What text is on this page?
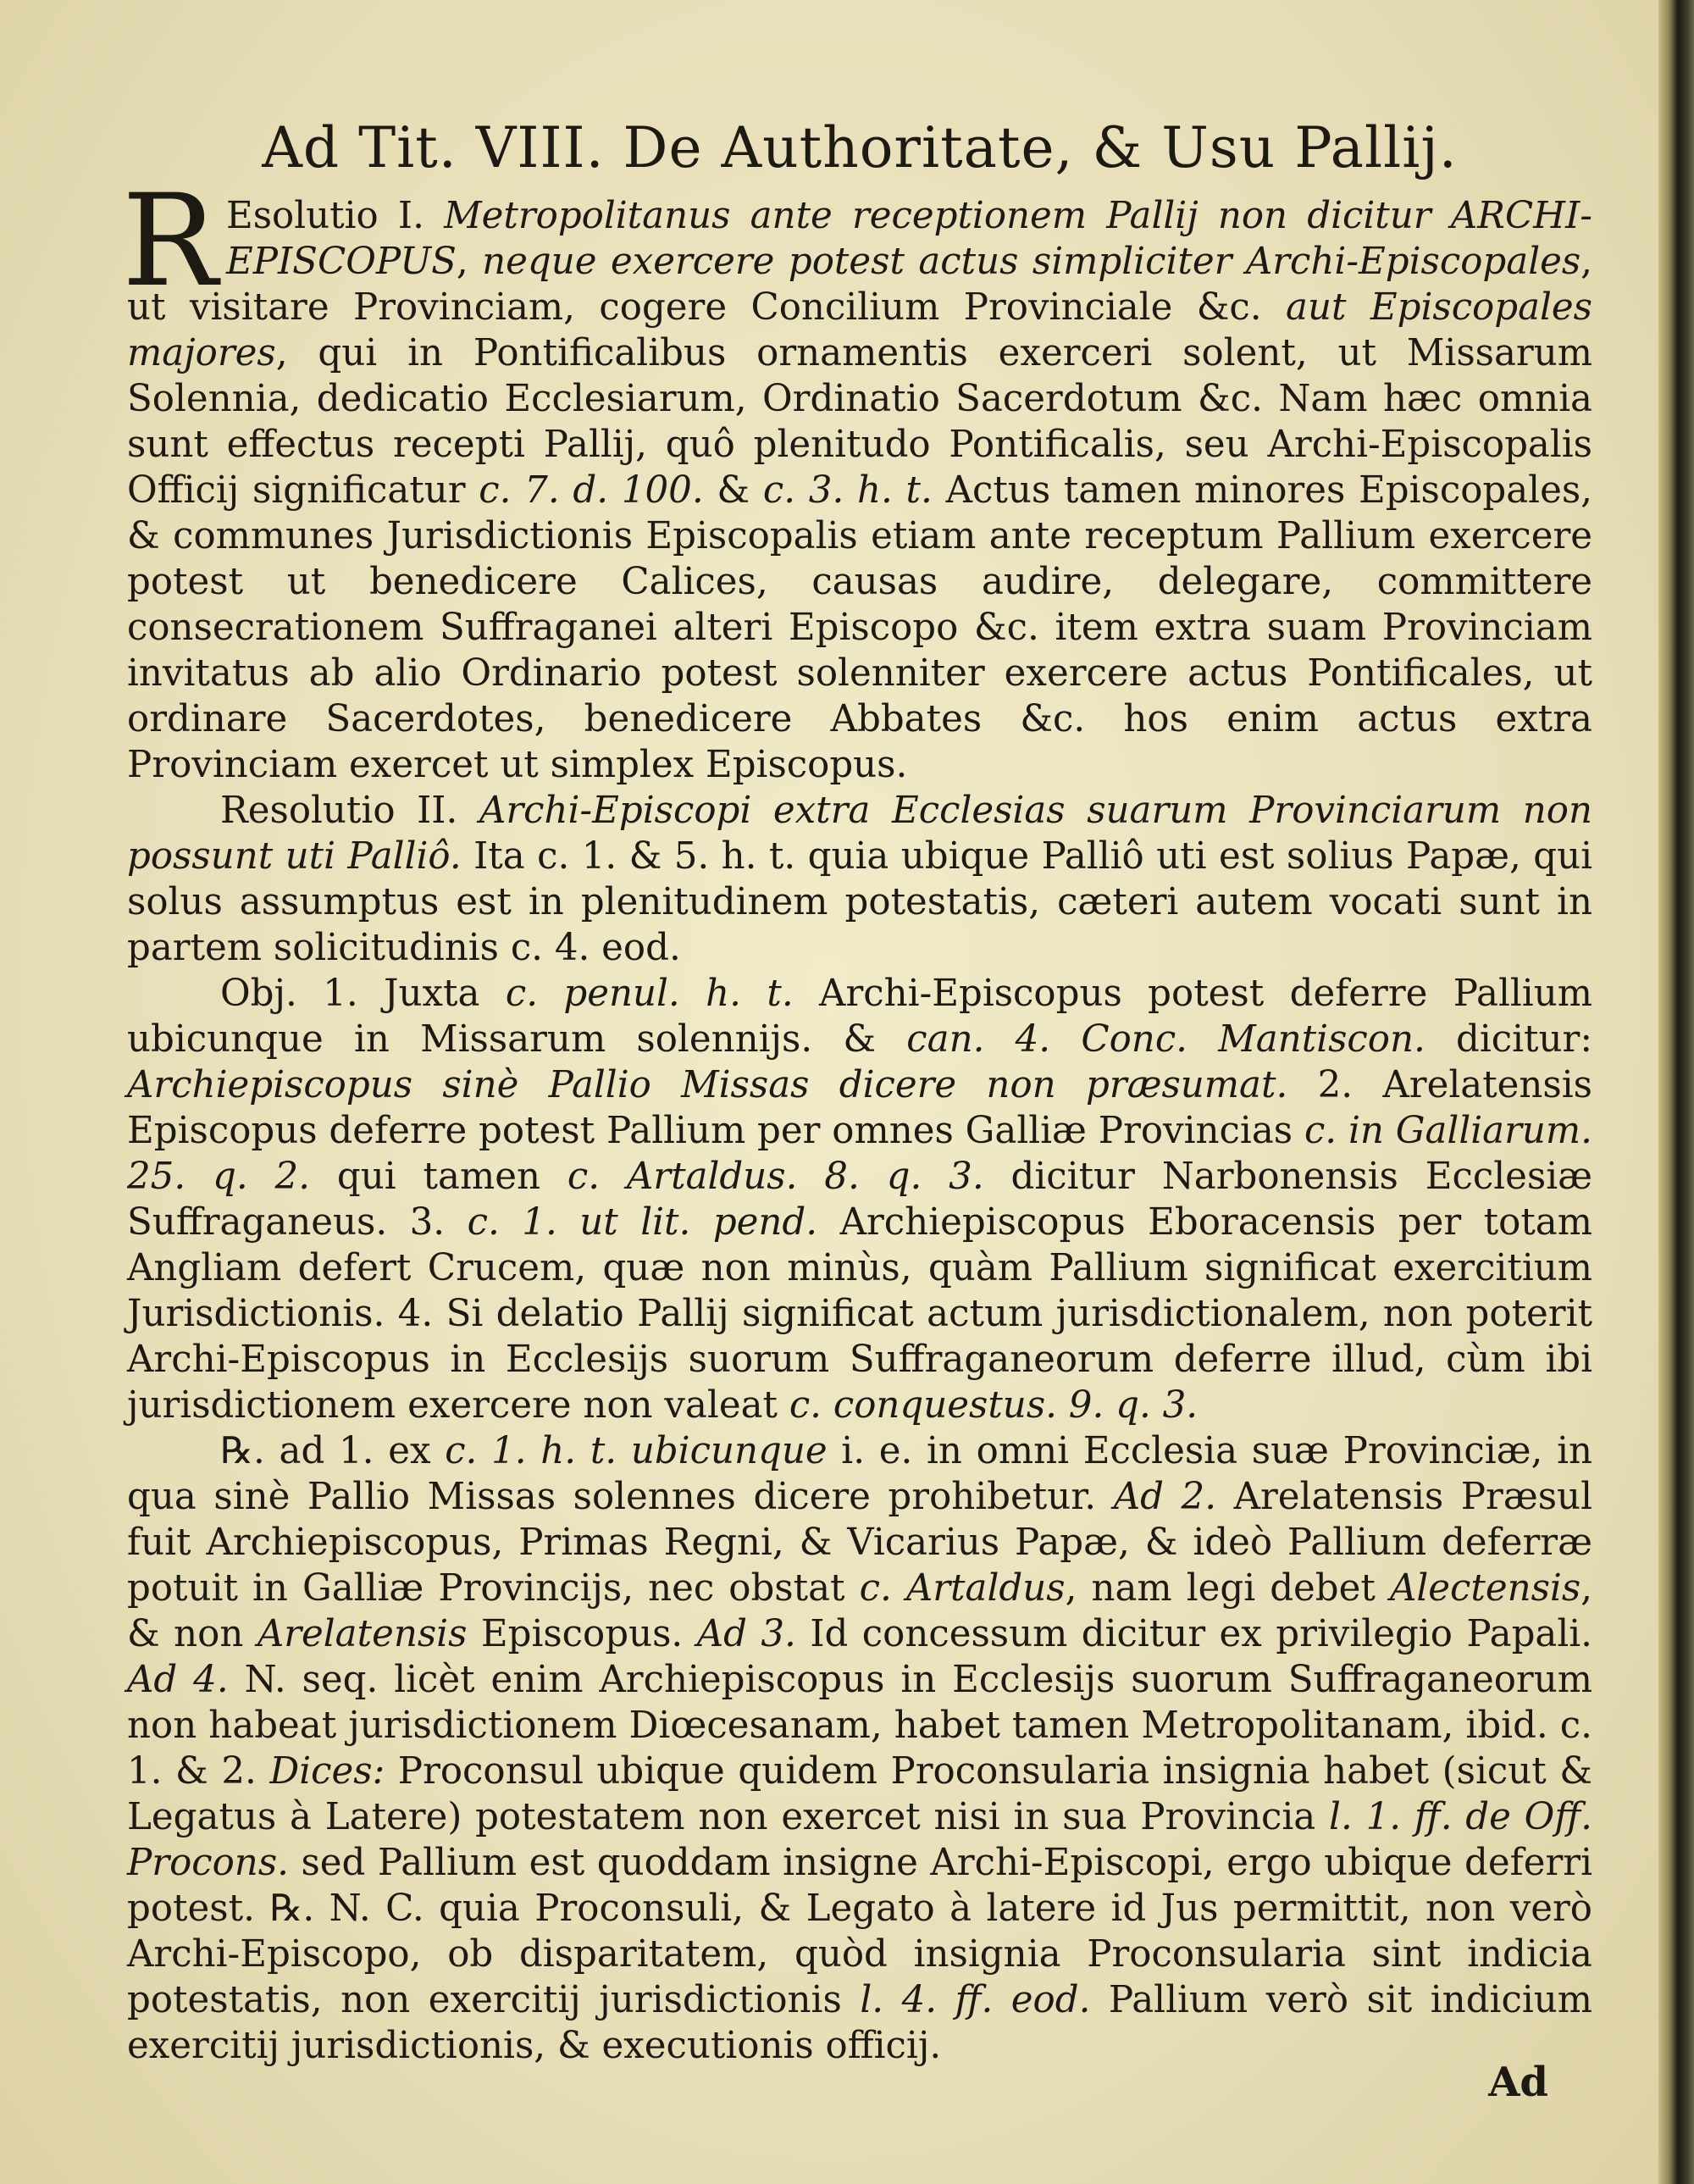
Ad Tit. VIII. De Authoritate, & Usu Pallij.

R Esolutio I. Metropolitanus ante receptionem Pallij non dicitur ARCHI-EPISCOPUS, neque exercere potest actus simpliciter Archi-Episcopales, ut visitare Provinciam, cogere Concilium Provinciale &c. aut Episcopales majores, qui in Pontificalibus ornamentis exerceri solent, ut Missarum Solennia, dedicatio Ecclesiarum, Ordinatio Sacerdotum &c. Nam hæc omnia sunt effectus recepti Pallij, quô plenitudo Pontificalis, seu Archi-Episcopalis Officij significatur c. 7. d. 100. & c. 3. h. t. Actus tamen minores Episcopales, & communes Jurisdictionis Episcopalis etiam ante receptum Pallium exercere potest ut benedicere Calices, causas audire, delegare, committere consecrationem Suffraganei alteri Episcopo &c. item extra suam Provinciam invitatus ab alio Ordinario potest solenniter exercere actus Pontificales, ut ordinare Sacerdotes, benedicere Abbates &c. hos enim actus extra Provinciam exercet ut simplex Episcopus.

Resolutio II. Archi-Episcopi extra Ecclesias suarum Provinciarum non possunt uti Palliô. Ita c. 1. & 5. h. t. quia ubique Palliô uti est solius Papæ, qui solus assumptus est in plenitudinem potestatis, cæteri autem vocati sunt in partem solicitudinis c. 4. eod.

Obj. 1. Juxta c. penul. h. t. Archi-Episcopus potest deferre Pallium ubicunque in Missarum solennijs. & can. 4. Conc. Mantiscon. dicitur: Archiepiscopus sinè Pallio Missas dicere non præsumat. 2. Arelatensis Episcopus deferre potest Pallium per omnes Galliæ Provincias c. in Galliarum. 25. q. 2. qui tamen c. Artaldus. 8. q. 3. dicitur Narbonensis Ecclesiæ Suffraganeus. 3. c. 1. ut lit. pend. Archiepiscopus Eboracensis per totam Angliam defert Crucem, quæ non minùs, quàm Pallium significat exercitium Jurisdictionis. 4. Si delatio Pallij significat actum jurisdictionalem, non poterit Archi-Episcopus in Ecclesijs suorum Suffraganeorum deferre illud, cùm ibi jurisdictionem exercere non valeat c. conquestus. 9. q. 3.

℞. ad 1. ex c. 1. h. t. ubicunque i. e. in omni Ecclesia suæ Provinciæ, in qua sinè Pallio Missas solennes dicere prohibetur. Ad 2. Arelatensis Præsul fuit Archiepiscopus, Primas Regni, & Vicarius Papæ, & ideò Pallium deferræ potuit in Galliæ Provincijs, nec obstat c. Artaldus, nam legi debet Alectensis, & non Arelatensis Episcopus. Ad 3. Id concessum dicitur ex privilegio Papali. Ad 4. N. seq. licèt enim Archiepiscopus in Ecclesijs suorum Suffraganeorum non habeat jurisdictionem Diœcesanam, habet tamen Metropolitanam, ibid. c. 1. & 2. Dices: Proconsul ubique quidem Proconsularia insignia habet (sicut & Legatus à Latere) potestatem non exercet nisi in sua Provincia l. 1. ff. de Off. Procons. sed Pallium est quoddam insigne Archi-Episcopi, ergo ubique deferri potest. ℞. N. C. quia Proconsuli, & Legato à latere id Jus permittit, non verò Archi-Episcopo, ob disparitatem, quòd insignia Proconsularia sint indicia potestatis, non exercitij jurisdictionis l. 4. ff. eod. Pallium verò sit indicium exercitij jurisdictionis, & executionis officij.

Ad
